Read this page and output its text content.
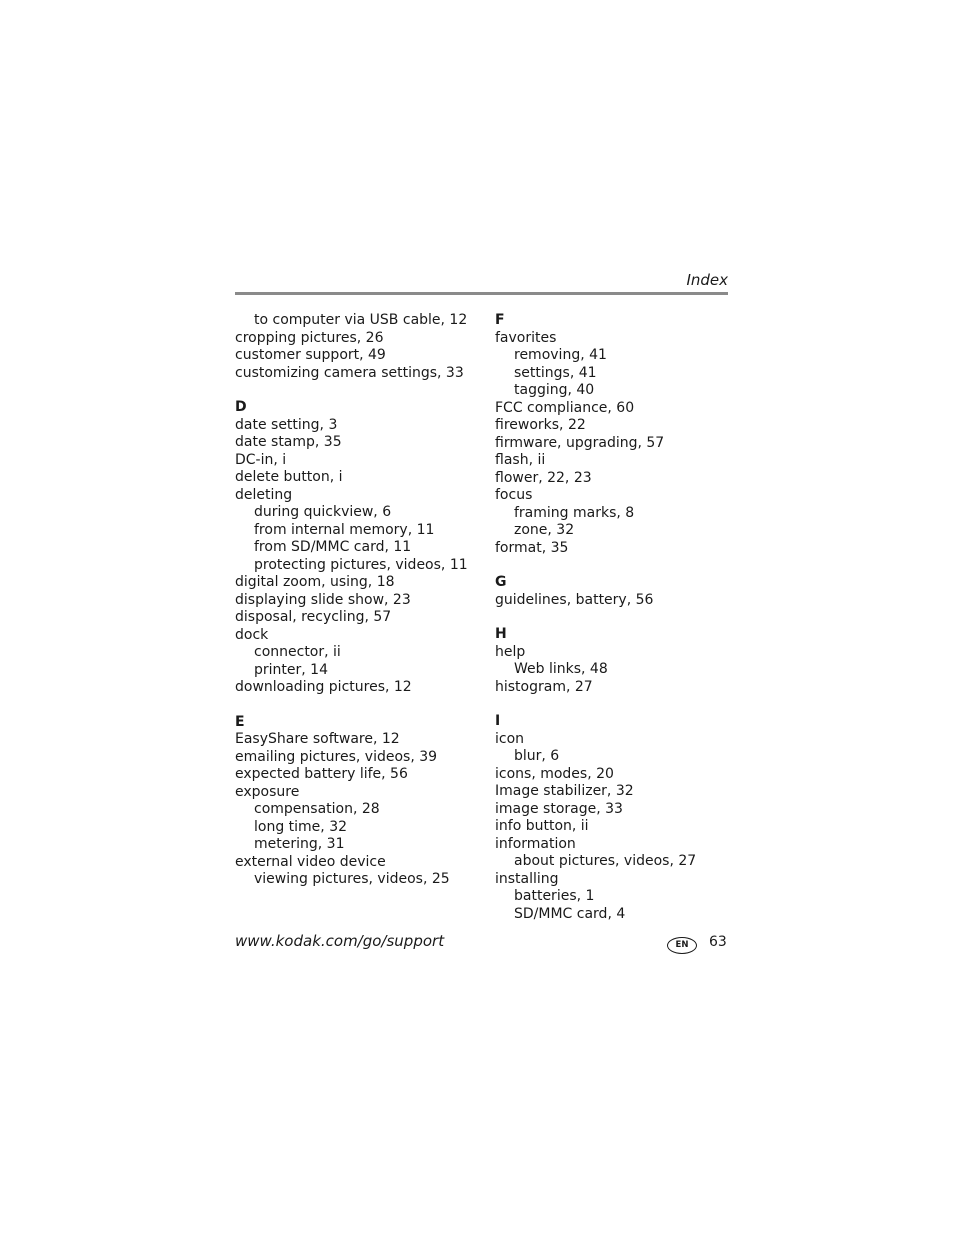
Index
to computer via USB cable, 12
cropping pictures, 26
customer support, 49
customizing camera settings, 33
D
date setting, 3
date stamp, 35
DC-in, i
delete button, i
deleting
during quickview, 6
from internal memory, 11
from SD/MMC card, 11
protecting pictures, videos, 11
digital zoom, using, 18
displaying slide show, 23
disposal, recycling, 57
dock
connector, ii
printer, 14
downloading pictures, 12
E
EasyShare software, 12
emailing pictures, videos, 39
expected battery life, 56
exposure
compensation, 28
long time, 32
metering, 31
external video device
viewing pictures, videos, 25
F
favorites
removing, 41
settings, 41
tagging, 40
FCC compliance, 60
fireworks, 22
firmware, upgrading, 57
flash, ii
flower, 22, 23
focus
framing marks, 8
zone, 32
format, 35
G
guidelines, battery, 56
H
help
Web links, 48
histogram, 27
I
icon
blur, 6
icons, modes, 20
Image stabilizer, 32
image storage, 33
info button, ii
information
about pictures, videos, 27
installing
batteries, 1
SD/MMC card, 4
www.kodak.com/go/support	EN	63
